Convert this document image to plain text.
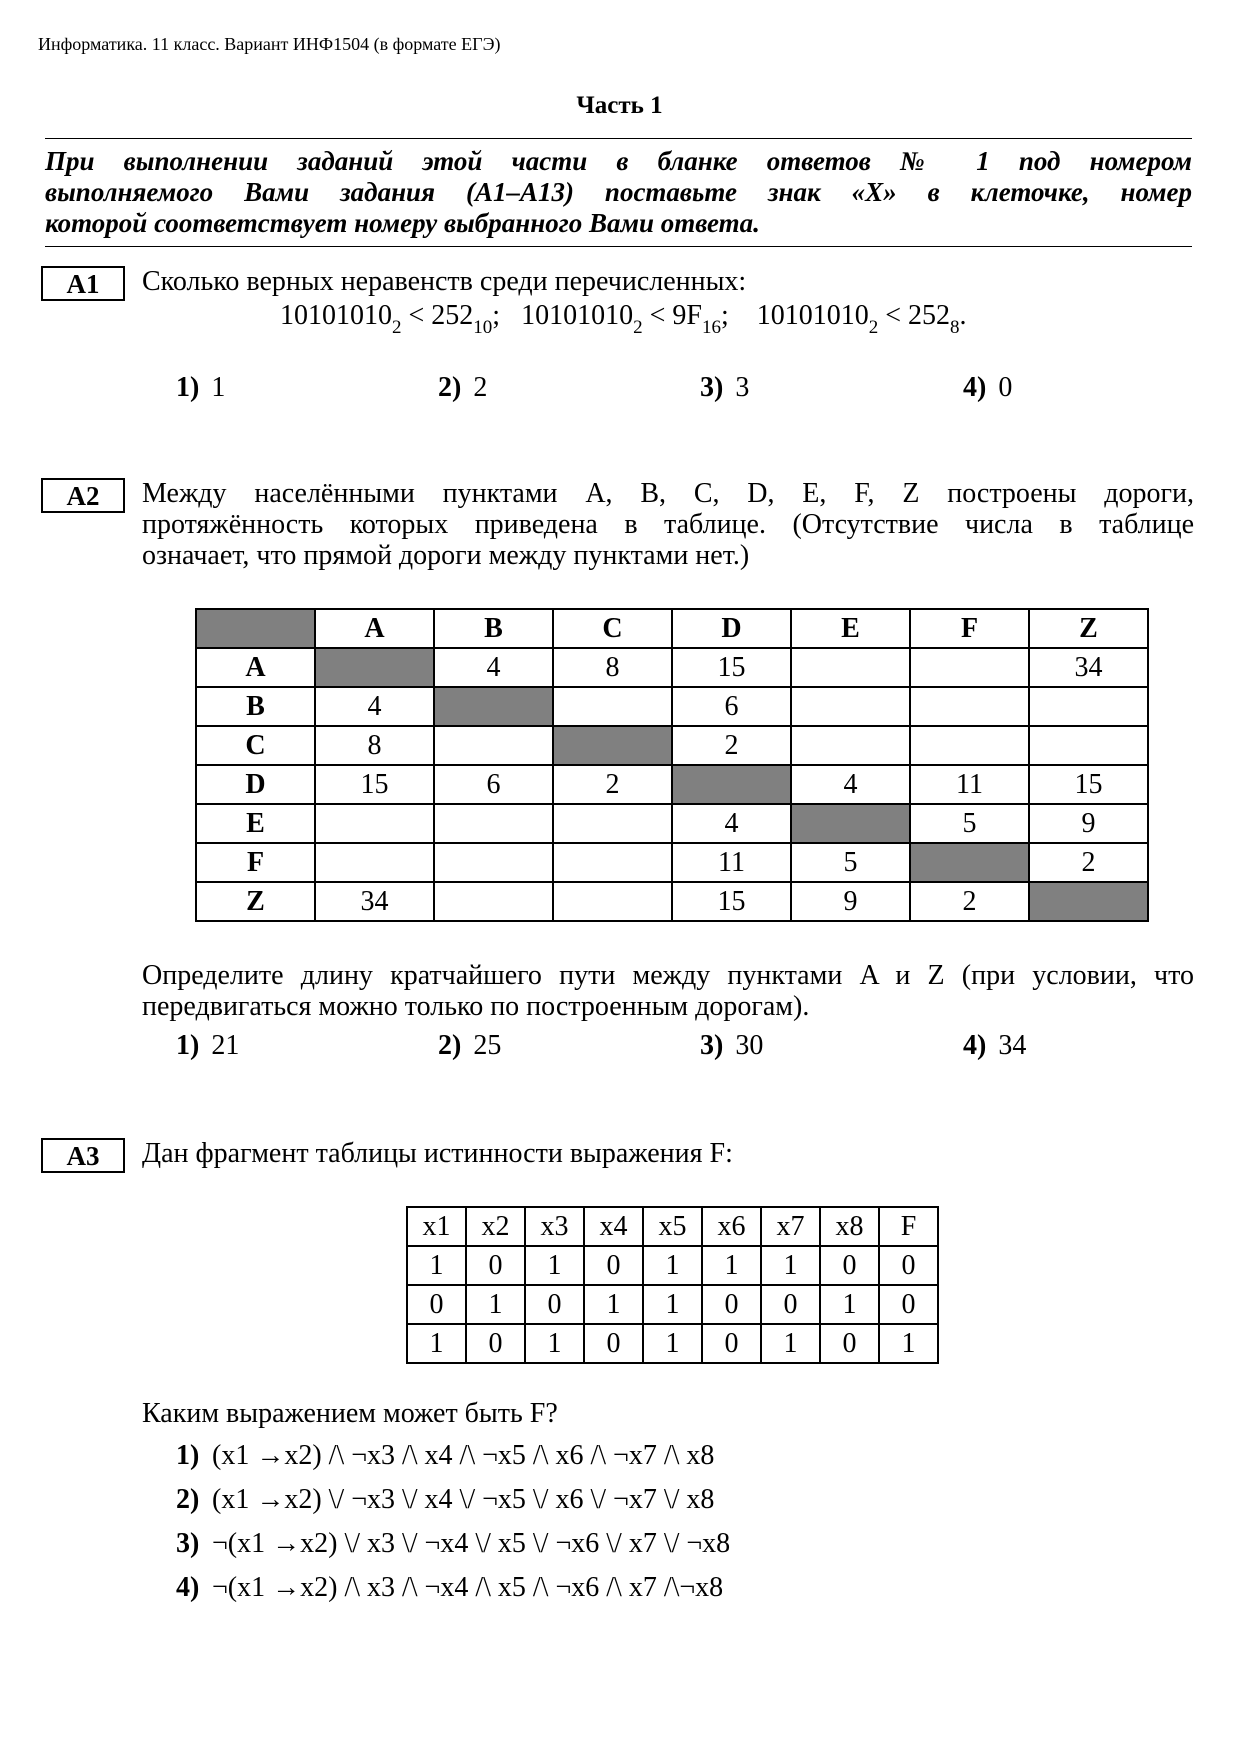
Информатика. 11 класс. Вариант ИНФ1504 (в формате ЕГЭ)
Часть 1
При выполнении заданий этой части в бланке ответов № 1 под номером
выполняемого Вами задания (А1–А13) поставьте знак «Х» в клеточке, номер
которой соответствует номеру выбранного Вами ответа.
А1	Сколько верных неравенств среди перечисленных:
$10101010_2 < 252_{10}$; $10101010_2 < 9F_{16}$; $10101010_2 < 252_8$.
1) 1	2) 2	3) 3	4) 0
А2	Между населёнными пунктами A, B, C, D, E, F, Z построены дороги,
протяжённость которых приведена в таблице. (Отсутствие числа в таблице
означает, что прямой дороги между пунктами нет.)
	A	B	C	D	E	F	Z
A		4	8	15			34
B	4			6			
C	8			2			
D	15	6	2		4	11	15
E				4		5	9
F				11	5		2
Z	34			15	9	2	
Определите длину кратчайшего пути между пунктами A и Z (при условии, что
передвигаться можно только по построенным дорогам).
1) 21	2) 25	3) 30	4) 34
А3	Дан фрагмент таблицы истинности выражения F:
x1	x2	x3	x4	x5	x6	x7	x8	F
1	0	1	0	1	1	1	0	0
0	1	0	1	1	0	0	1	0
1	0	1	0	1	0	1	0	1
Каким выражением может быть F?
1) (x1 →x2) /\ ¬x3 /\ x4 /\ ¬x5 /\ x6 /\ ¬x7 /\ x8
2) (x1 →x2) \/ ¬x3 \/ x4 \/ ¬x5 \/ x6 \/ ¬x7 \/ x8
3) ¬(x1 →x2) \/ x3 \/ ¬x4 \/ x5 \/ ¬x6 \/ x7 \/ ¬x8
4) ¬(x1 →x2) /\ x3 /\ ¬x4 /\ x5 /\ ¬x6 /\ x7 /\¬x8
